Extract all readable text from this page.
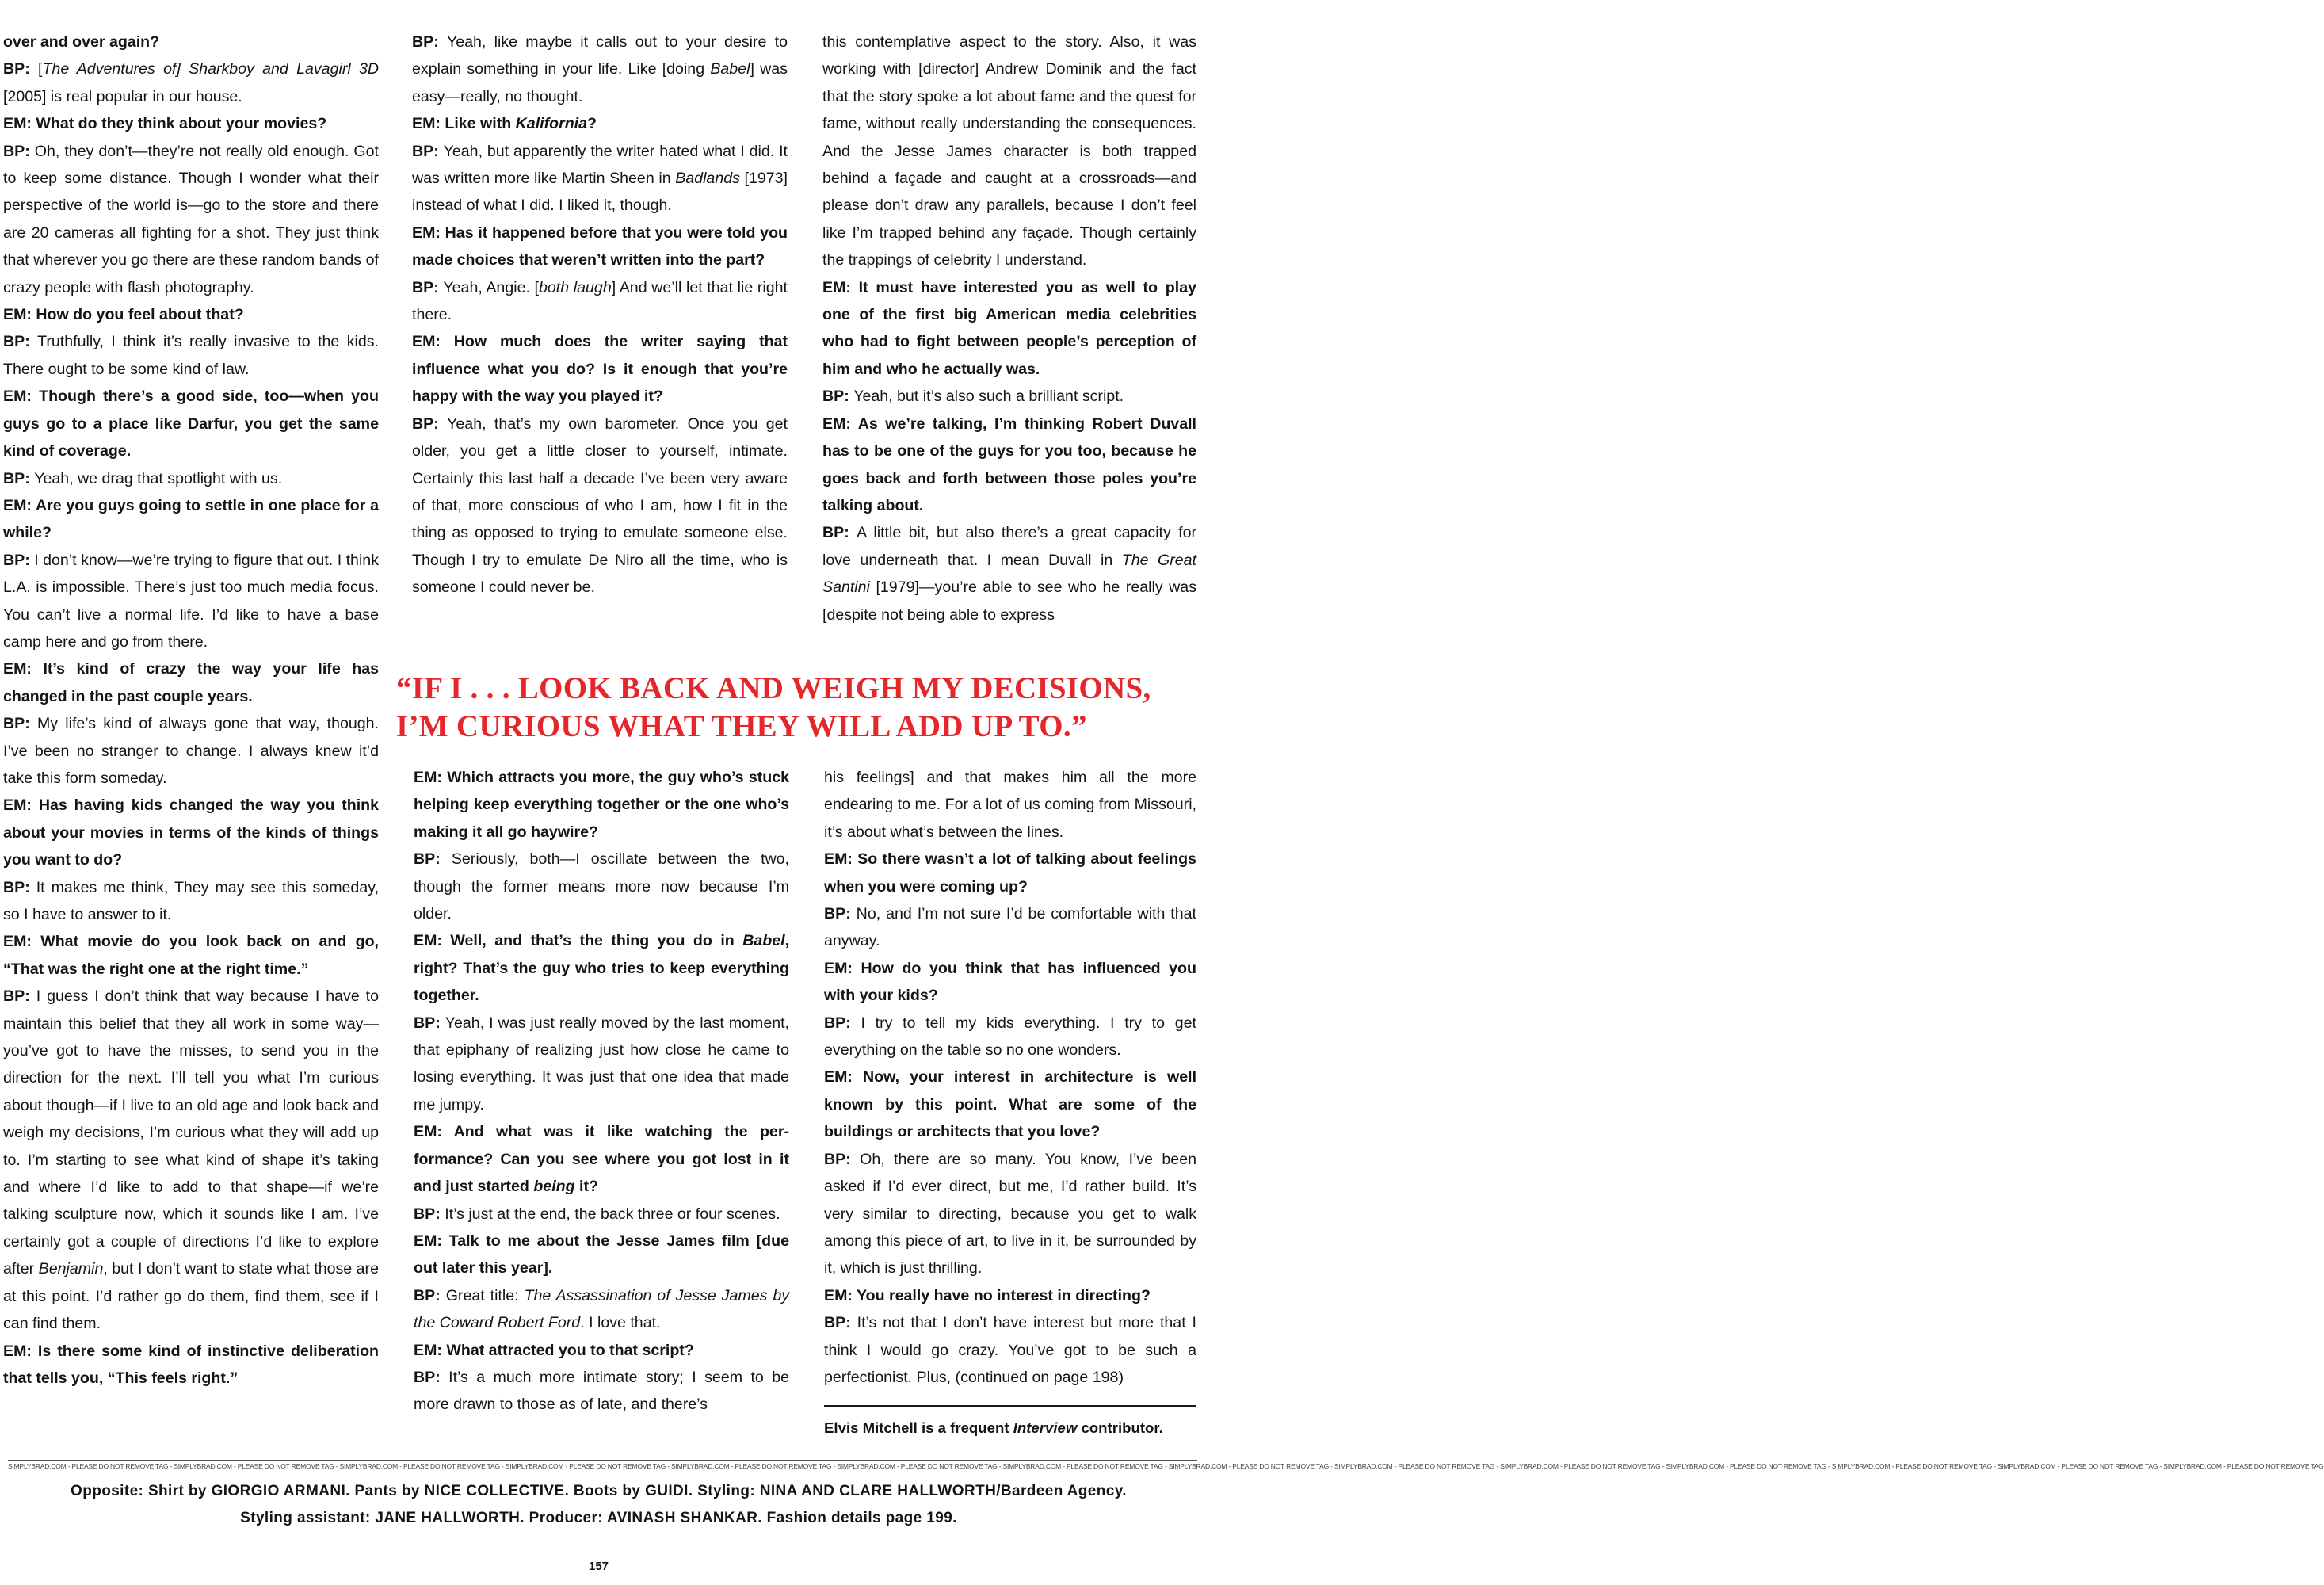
over and over again?

BP: [The Adventures of] Sharkboy and Lavagirl 3D [2005] is real popular in our house.

EM: What do they think about your movies?

BP: Oh, they don’t—they’re not really old enough. Got to keep some distance. Though I wonder what their perspective of the world is—go to the store and there are 20 cameras all fighting for a shot. They just think that wherever you go there are these random bands of crazy people with flash photography.

EM: How do you feel about that?

BP: Truthfully, I think it’s really invasive to the kids. There ought to be some kind of law.

EM: Though there’s a good side, too—when you guys go to a place like Darfur, you get the same kind of coverage.

BP: Yeah, we drag that spotlight with us.

EM: Are you guys going to settle in one place for a while?

BP: I don’t know—we’re trying to figure that out. I think L.A. is impossible. There’s just too much media focus. You can’t live a normal life. I’d like to have a base camp here and go from there.

EM: It’s kind of crazy the way your life has changed in the past couple years.

BP: My life’s kind of always gone that way, though. I’ve been no stranger to change. I always knew it’d take this form someday.

EM: Has having kids changed the way you think about your movies in terms of the kinds of things you want to do?

BP: It makes me think, They may see this someday, so I have to answer to it.

EM: What movie do you look back on and go, “That was the right one at the right time.”

BP: I guess I don’t think that way because I have to maintain this belief that they all work in some way—you’ve got to have the misses, to send you in the direction for the next. I’ll tell you what I’m curious about though—if I live to an old age and look back and weigh my decisions, I’m curious what they will add up to. I’m starting to see what kind of shape it’s taking and where I’d like to add to that shape—if we’re talking sculpture now, which it sounds like I am. I’ve certainly got a couple of directions I’d like to explore after Benjamin, but I don’t want to state what those are at this point. I’d rather go do them, find them, see if I can find them.

EM: Is there some kind of instinctive deliberation that tells you, “This feels right.”

BP: Yeah, like maybe it calls out to your desire to explain something in your life. Like [doing Babel] was easy—really, no thought.

EM: Like with Kalifornia?

BP: Yeah, but apparently the writer hated what I did. It was written more like Martin Sheen in Badlands [1973] instead of what I did. I liked it, though.

EM: Has it happened before that you were told you made choices that weren’t written into the part?

BP: Yeah, Angie. [both laugh] And we’ll let that lie right there.

EM: How much does the writer saying that influence what you do? Is it enough that you’re happy with the way you played it?

BP: Yeah, that’s my own barometer. Once you get older, you get a little closer to yourself, intimate. Certainly this last half a decade I’ve been very aware of that, more conscious of who I am, how I fit in the thing as opposed to trying to emulate someone else. Though I try to emulate De Niro all the time, who is someone I could never be.

this contemplative aspect to the story. Also, it was working with [director] Andrew Dominik and the fact that the story spoke a lot about fame and the quest for fame, without really understanding the consequences. And the Jesse James character is both trapped behind a façade and caught at a crossroads—and please don’t draw any parallels, because I don’t feel like I’m trapped behind any façade. Though certainly the trappings of celebrity I understand.

EM: It must have interested you as well to play one of the first big American media celebrities who had to fight between people’s perception of him and who he actually was.

BP: Yeah, but it’s also such a brilliant script.

EM: As we’re talking, I’m thinking Robert Duvall has to be one of the guys for you too, because he goes back and forth between those poles you’re talking about.

BP: A little bit, but also there’s a great capacity for love underneath that. I mean Duvall in The Great Santini [1979]—you’re able to see who he really was [despite not being able to express

“IF I . . . LOOK BACK AND WEIGH MY DECISIONS,
I’M CURIOUS WHAT THEY WILL ADD UP TO.”

EM: Which attracts you more, the guy who’s stuck helping keep everything together or the one who’s making it all go haywire?

BP: Seriously, both—I oscillate between the two, though the former means more now because I’m older.

EM: Well, and that’s the thing you do in Babel, right? That’s the guy who tries to keep everything together.

BP: Yeah, I was just really moved by the last moment, that epiphany of realizing just how close he came to losing everything. It was just that one idea that made me jumpy.

EM: And what was it like watching the performance? Can you see where you got lost in it and just started being it?

BP: It’s just at the end, the back three or four scenes.

EM: Talk to me about the Jesse James film [due out later this year].

BP: Great title: The Assassination of Jesse James by the Coward Robert Ford. I love that.

EM: What attracted you to that script?

BP: It’s a much more intimate story; I seem to be more drawn to those as of late, and there’s

his feelings] and that makes him all the more endearing to me. For a lot of us coming from Missouri, it’s about what’s between the lines.

EM: So there wasn’t a lot of talking about feelings when you were coming up?

BP: No, and I’m not sure I’d be comfortable with that anyway.

EM: How do you think that has influenced you with your kids?

BP: I try to tell my kids everything. I try to get everything on the table so no one wonders.

EM: Now, your interest in architecture is well known by this point. What are some of the buildings or architects that you love?

BP: Oh, there are so many. You know, I’ve been asked if I’d ever direct, but me, I’d rather build. It’s very similar to directing, because you get to walk among this piece of art, to live in it, be surrounded by it, which is just thrilling.

EM: You really have no interest in directing?

BP: It’s not that I don’t have interest but more that I think I would go crazy. You’ve got to be such a perfectionist. Plus, (continued on page 198)

Elvis Mitchell is a frequent Interview contributor.
SIMPLYBRAD.COM - PLEASE DO NOT REMOVE TAG - SIMPLYBRAD.COM - PLEASE DO NOT REMOVE TAG - SIMPLYBRAD.COM - PLEASE DO NOT REMOVE TAG - SIMPLYBRAD.COM - PLEASE DO NOT REMOVE TAG - SIMPLYBRAD.COM - PLEASE DO NOT REMOVE TAG - SIMPLYBRAD.COM - PLEASE DO NOT REMOVE TAG - SIMPLYBRAD.COM - PLEASE DO NOT REMOVE TAG - SIMPLYBRAD.COM - PLEASE DO NOT REMOVE TAG - SIMPLYBRAD.COM - PLEASE DO NOT REMOVE TAG - SIMPLYBRAD.COM - PLEASE DO NOT REMOVE TAG - SIMPLYBRAD.COM - PLEASE DO NOT REMOVE TAG - SIMPLYBRAD.COM - PLEASE DO NOT REMOVE TAG - SIMPLYBRAD.COM - PLEASE DO NOT REMOVE TAG - SIMPLYBRAD.COM - PLEASE DO NOT REMOVE TAG

Opposite: Shirt by GIORGIO ARMANI. Pants by NICE COLLECTIVE. Boots by GUIDI. Styling: NINA AND CLARE HALLWORTH/Bardeen Agency.

Styling assistant: JANE HALLWORTH. Producer: AVINASH SHANKAR. Fashion details page 199.

157
